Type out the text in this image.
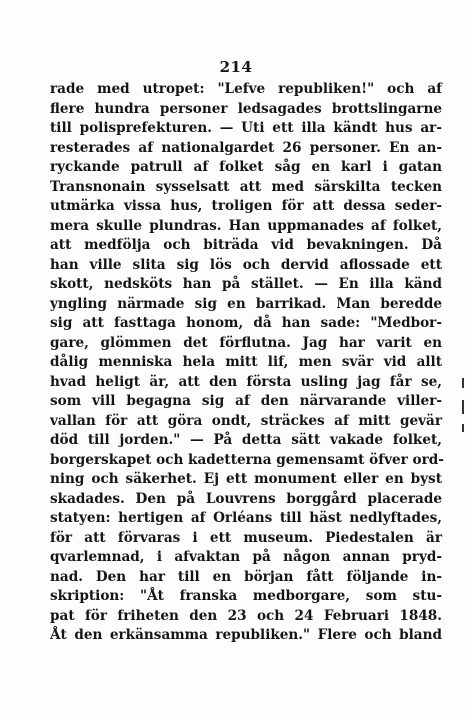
214
rade med utropet: "Lefve republiken!" och af
flere hundra personer ledsagades brottslingarne
till polisprefekturen. — Uti ett illa kändt hus ar-
resterades af nationalgardet 26 personer. En an-
ryckande patrull af folket såg en karl i gatan
Transnonain sysselsatt att med särskilta tecken
utmärka vissa hus, troligen för att dessa seder-
mera skulle plundras. Han uppmanades af folket,
att medfölja och biträda vid bevakningen. Då
han ville slita sig lös och dervid aflossade ett
skott, nedsköts han på stället. — En illa känd
yngling närmade sig en barrikad. Man beredde
sig att fasttaga honom, då han sade: "Medbor-
gare, glömmen det förflutna. Jag har varit en
dålig menniska hela mitt lif, men svär vid allt
hvad heligt är, att den första usling jag får se,
som vill begagna sig af den närvarande viller-
vallan för att göra ondt, sträckes af mitt gevär
död till jorden." — På detta sätt vakade folket,
borgerskapet och kadetterna gemensamt öfver ord-
ning och säkerhet. Ej ett monument eller en byst
skadades. Den på Louvrens borggård placerade
statyen: hertigen af Orléans till häst nedlyftades,
för att förvaras i ett museum. Piedestalen är
qvarlemnad, i afvaktan på någon annan pryd-
nad. Den har till en början fått följande in-
skription: "Åt franska medborgare, som stu-
pat för friheten den 23 och 24 Februari 1848.
Åt den erkänsamma republiken." Flere och bland
